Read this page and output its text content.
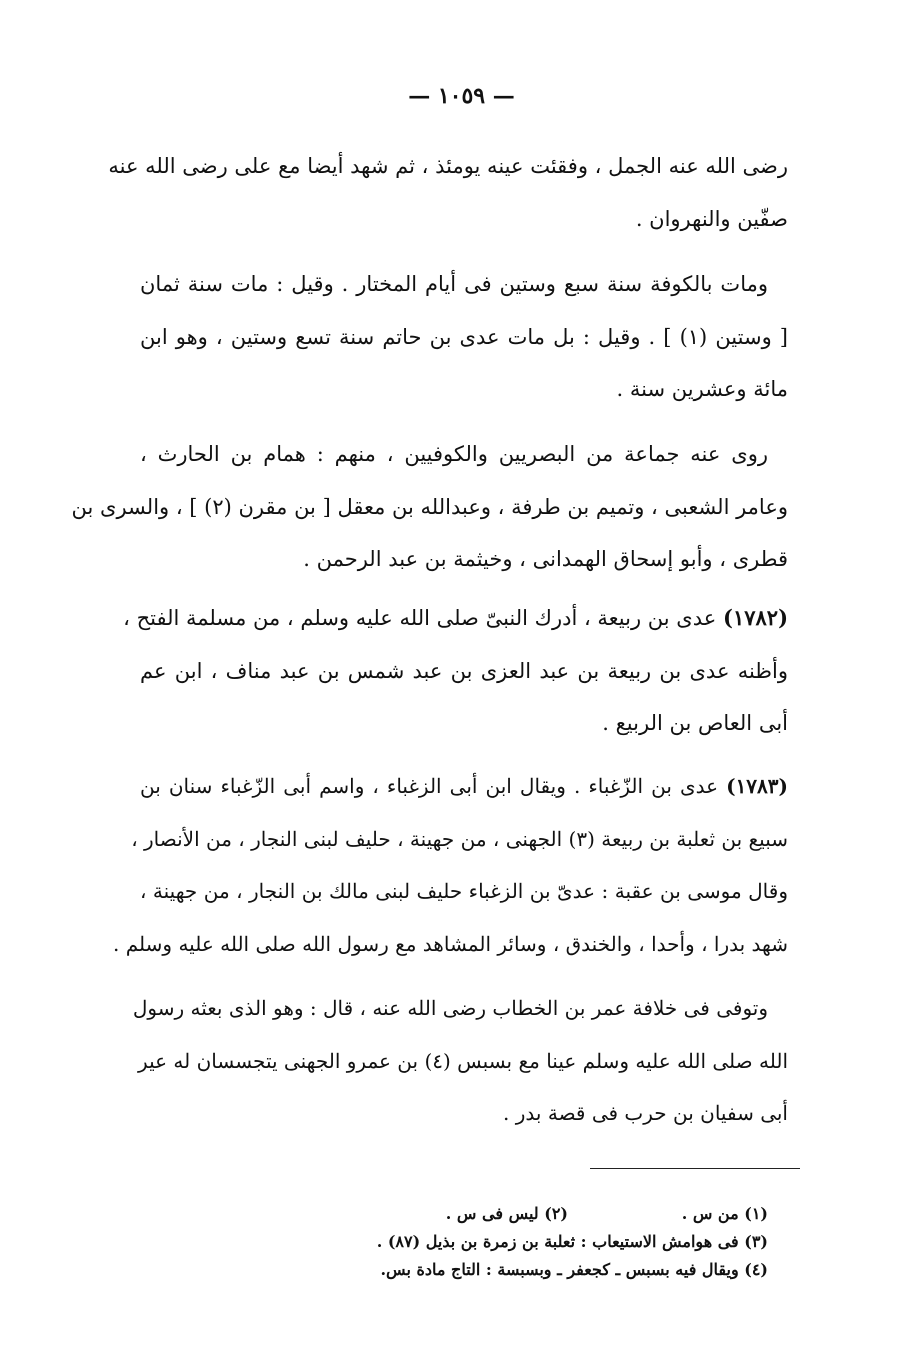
— ١٠٥٩ —
رضى الله عنه الجمل ، وفقئت عينه يومئذ ، ثم شهد أيضا مع على رضى الله عنه
صفّين والنهروان .
ومات بالكوفة سنة سبع وستين فى أيام المختار . وقيل : مات سنة ثمان
[ وستين (١) ] . وقيل : بل مات عدى بن حاتم سنة تسع وستين ، وهو ابن
مائة وعشرين سنة .
روى عنه جماعة من البصريين والكوفيين ، منهم : همام بن الحارث ،
وعامر الشعبى ، وتميم بن طرفة ، وعبدالله بن معقل [ بن مقرن (٢) ] ، والسرى بن
قطرى ، وأبو إسحاق الهمدانى ، وخيثمة بن عبد الرحمن .
(١٧٨٢) عدى بن ربيعة ، أدرك النبىّ صلى الله عليه وسلم ، من مسلمة الفتح ،
وأظنه عدى بن ربيعة بن عبد العزى بن عبد شمس بن عبد مناف ، ابن عم
أبى العاص بن الربيع .
(١٧٨٣) عدى بن الزّغباء . ويقال ابن أبى الزغباء ، واسم أبى الزّغباء سنان بن
سبيع بن ثعلبة بن ربيعة (٣) الجهنى ، من جهينة ، حليف لبنى النجار ، من الأنصار ،
وقال موسى بن عقبة : عدىّ بن الزغباء حليف لبنى مالك بن النجار ، من جهينة ،
شهد بدرا ، وأحدا ، والخندق ، وسائر المشاهد مع رسول الله صلى الله عليه وسلم .
وتوفى فى خلافة عمر بن الخطاب رضى الله عنه ، قال : وهو الذى بعثه رسول
الله صلى الله عليه وسلم عينا مع بسبس (٤) بن عمرو الجهنى يتجسسان له عير
أبى سفيان بن حرب فى قصة بدر .
(١) من س .(٢) ليس فى س .
(٣) فى هوامش الاستيعاب : ثعلبة بن زمرة بن بذيل (٨٧) .
(٤) ويقال فيه بسبس ـ كجعفر ـ وبسبسة : التاج مادة بس.
